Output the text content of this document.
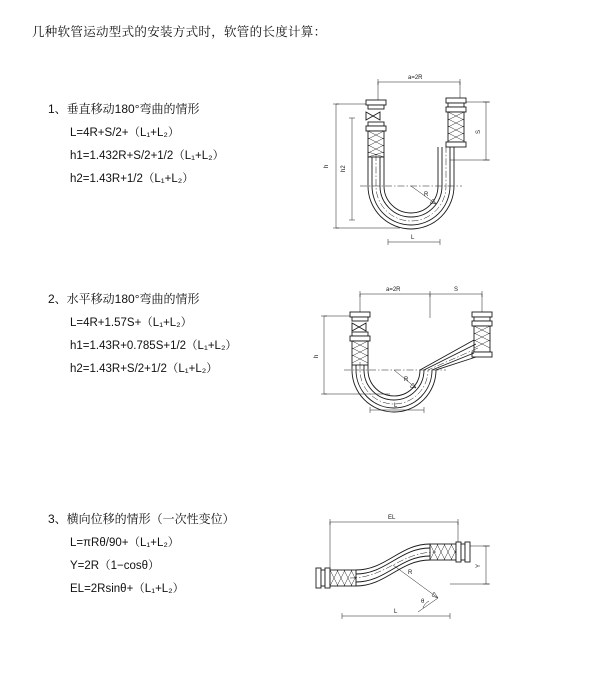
几种软管运动型式的安装方式时，软管的长度计算：
1、垂直移动180°弯曲的情形
L=4R+S/2+（L₁+L₂）
h1=1.432R+S/2+1/2（L₁+L₂）
h2=1.43R+1/2（L₁+L₂）
a=2R
h h2
S
R
L
2、水平移动180°弯曲的情形
L=4R+1.57S+（L₁+L₂）
h1=1.43R+0.785S+1/2（L₁+L₂）
h2=1.43R+S/2+1/2（L₁+L₂）
a=2R	S
h
R
L
3、横向位移的情形（一次性变位）
L=πRθ/90+（L₁+L₂）
Y=2R（1−cosθ）
EL=2Rsinθ+（L₁+L₂）
EL
Y
R
θ
L
